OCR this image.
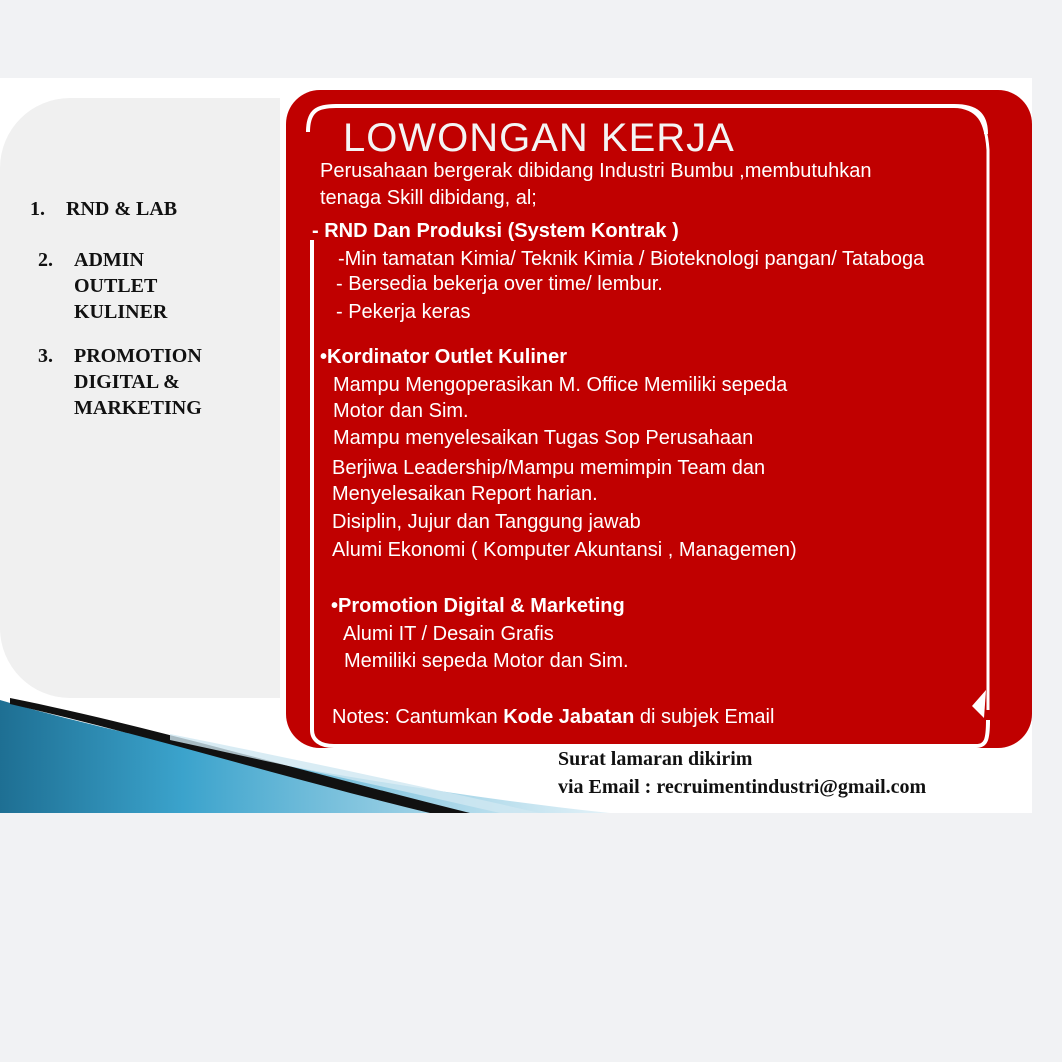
1. RND & LAB
2. ADMIN
OUTLET
KULINER
3. PROMOTION
DIGITAL &
MARKETING
LOWONGAN KERJA
Perusahaan bergerak dibidang Industri Bumbu ,membutuhkan
tenaga Skill dibidang, al;
- RND Dan Produksi (System Kontrak )
-Min tamatan Kimia/ Teknik Kimia / Bioteknologi pangan/ Tataboga
- Bersedia bekerja over time/ lembur.
- Pekerja keras
•Kordinator Outlet Kuliner
Mampu Mengoperasikan M. Office Memiliki sepeda
Motor dan Sim.
Mampu menyelesaikan Tugas Sop Perusahaan
Berjiwa Leadership/Mampu memimpin Team dan
Menyelesaikan Report harian.
Disiplin, Jujur dan Tanggung jawab
Alumi Ekonomi ( Komputer Akuntansi , Managemen)
•Promotion Digital & Marketing
Alumi IT / Desain Grafis
Memiliki sepeda Motor dan Sim.
Notes: Cantumkan Kode Jabatan di subjek Email
Surat lamaran dikirim
via Email : recruimentindustri@gmail.com
